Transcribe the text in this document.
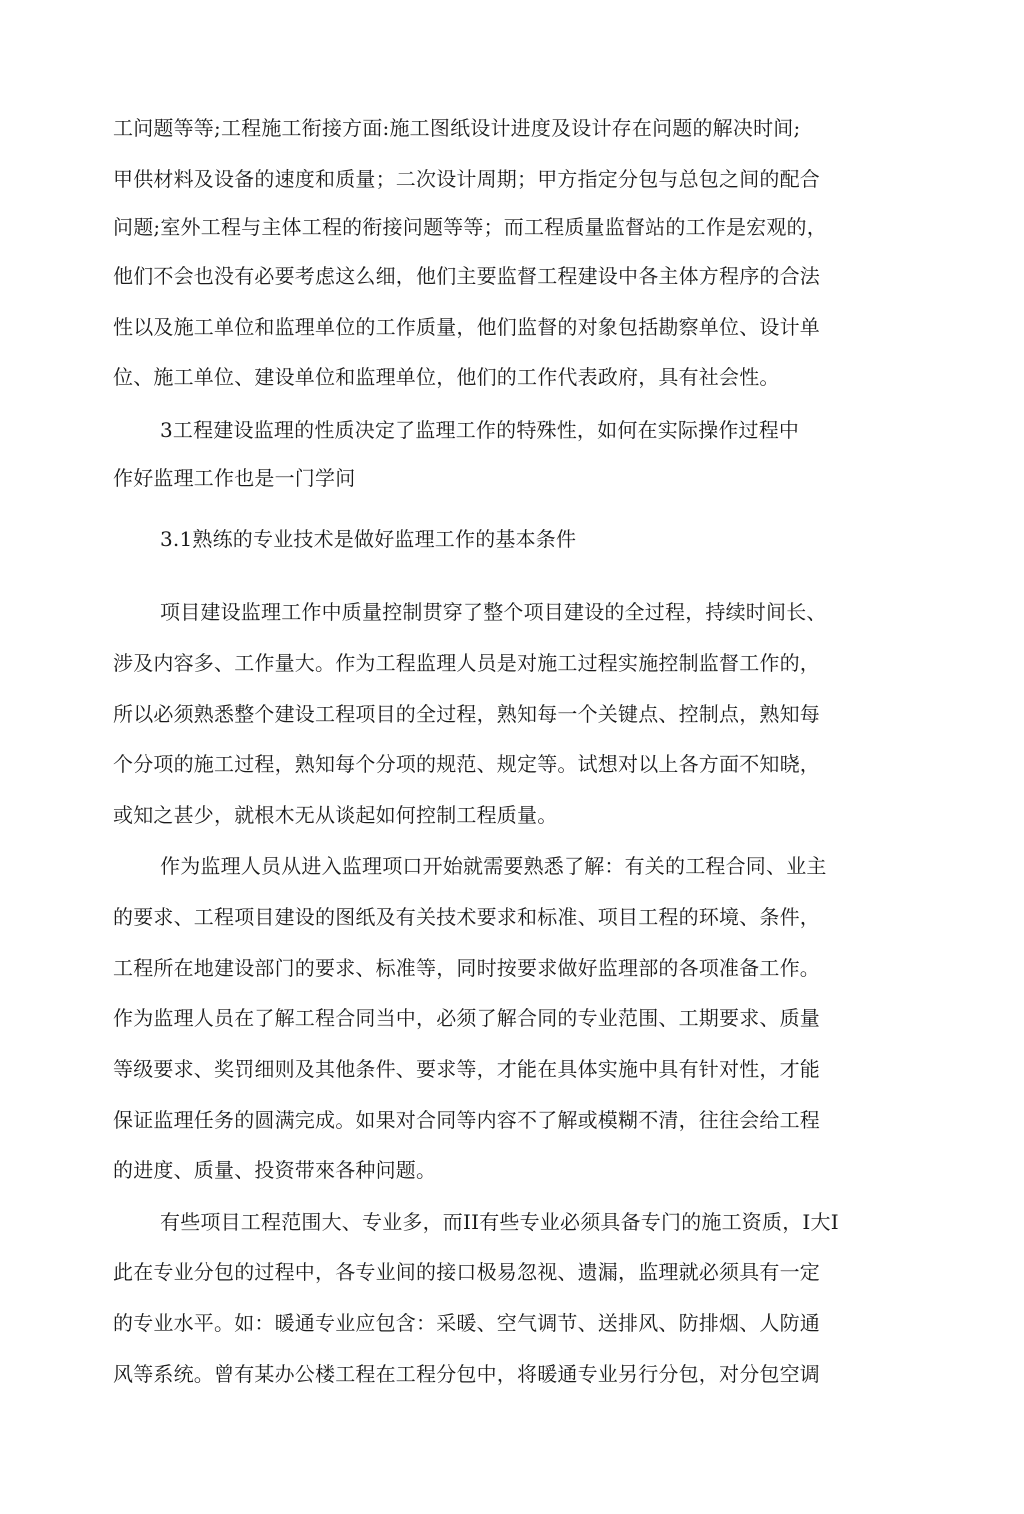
工问题等等;工程施工衔接方面:施工图纸设计进度及设计存在问题的解决时间;
甲供材料及设备的速度和质量；二次设计周期；甲方指定分包与总包之间的配合
问题;室外工程与主体工程的衔接问题等等；而工程质量监督站的工作是宏观的，
他们不会也没有必要考虑这么细，他们主要监督工程建设中各主体方程序的合法
性以及施工单位和监理单位的工作质量，他们监督的对象包括勘察单位、设计单
位、施工单位、建设单位和监理单位，他们的工作代表政府，具有社会性。
3工程建设监理的性质决定了监理工作的特殊性，如何在实际操作过程中
作好监理工作也是一门学问
3.1熟练的专业技术是做好监理工作的基本条件
项目建设监理工作中质量控制贯穿了整个项目建设的全过程，持续时间长、
涉及内容多、工作量大。作为工程监理人员是对施工过程实施控制监督工作的，
所以必须熟悉整个建设工程项目的全过程，熟知每一个关键点、控制点，熟知每
个分项的施工过程，熟知每个分项的规范、规定等。试想对以上各方面不知晓，
或知之甚少，就根木无从谈起如何控制工程质量。
作为监理人员从进入监理项口开始就需要熟悉了解：有关的工程合同、业主
的要求、工程项目建设的图纸及有关技术要求和标准、项目工程的环境、条件，
工程所在地建设部门的要求、标准等，同时按要求做好监理部的各项准备工作。
作为监理人员在了解工程合同当中，必须了解合同的专业范围、工期要求、质量
等级要求、奖罚细则及其他条件、要求等，才能在具体实施中具有针对性，才能
保证监理任务的圆满完成。如果对合同等内容不了解或模糊不清，往往会给工程
的进度、质量、投资带來各种问题。
有些项目工程范围大、专业多，而II有些专业必须具备专门的施工资质，I大I
此在专业分包的过程中，各专业间的接口极易忽视、遗漏，监理就必须具有一定
的专业水平。如：暖通专业应包含：采暖、空气调节、送排风、防排烟、人防通
风等系统。曾有某办公楼工程在工程分包中，将暖通专业另行分包，对分包空调
